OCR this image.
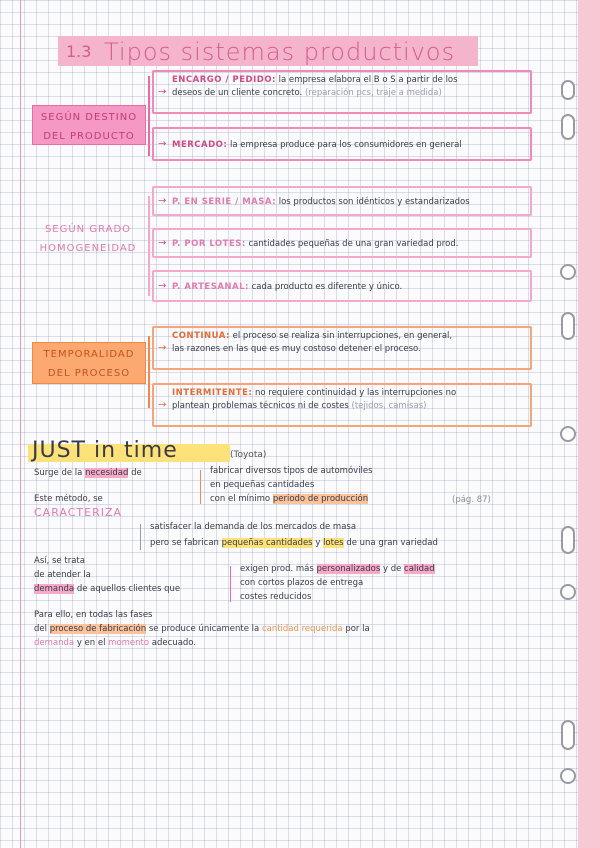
1.3 Tipos sistemas productivos
SEGÚN DESTINO
DEL PRODUCTO
→
ENCARGO / PEDIDO: la empresa elabora el B o S a partir de los
deseos de un cliente concreto. (reparación pcs, traje a medida)
→ MERCADO: la empresa produce para los consumidores en general
SEGÚN GRADO
HOMOGENEIDAD
→ P. EN SERIE / MASA: los productos son idénticos y estandarizados
→ P. POR LOTES: cantidades pequeñas de una gran variedad prod.
→ P. ARTESANAL: cada producto es diferente y único.
TEMPORALIDAD
DEL PROCESO
→
CONTINUA: el proceso se realiza sin interrupciones, en general,
las razones en las que es muy costoso detener el proceso.
→
INTERMITENTE: no requiere continuidad y las interrupciones no
plantean problemas técnicos ni de costes (tejidos, camisas)
JUST in time	(Toyota)
Surge de la necesidad de	fabricar diversos tipos de automóviles
en pequeñas cantidades
con el mínimo periodo de producción
Este método, se
CARACTERIZA
(pág. 87)
satisfacer la demanda de los mercados de masa
pero se fabrican pequeñas cantidades y lotes de una gran variedad
Así, se trata
de atender la
demanda de aquellos clientes que
exigen prod. más personalizados y de calidad
con cortos plazos de entrega
costes reducidos
Para ello, en todas las fases
del proceso de fabricación se produce únicamente la cantidad requerida por la
demanda y en el momento adecuado.
